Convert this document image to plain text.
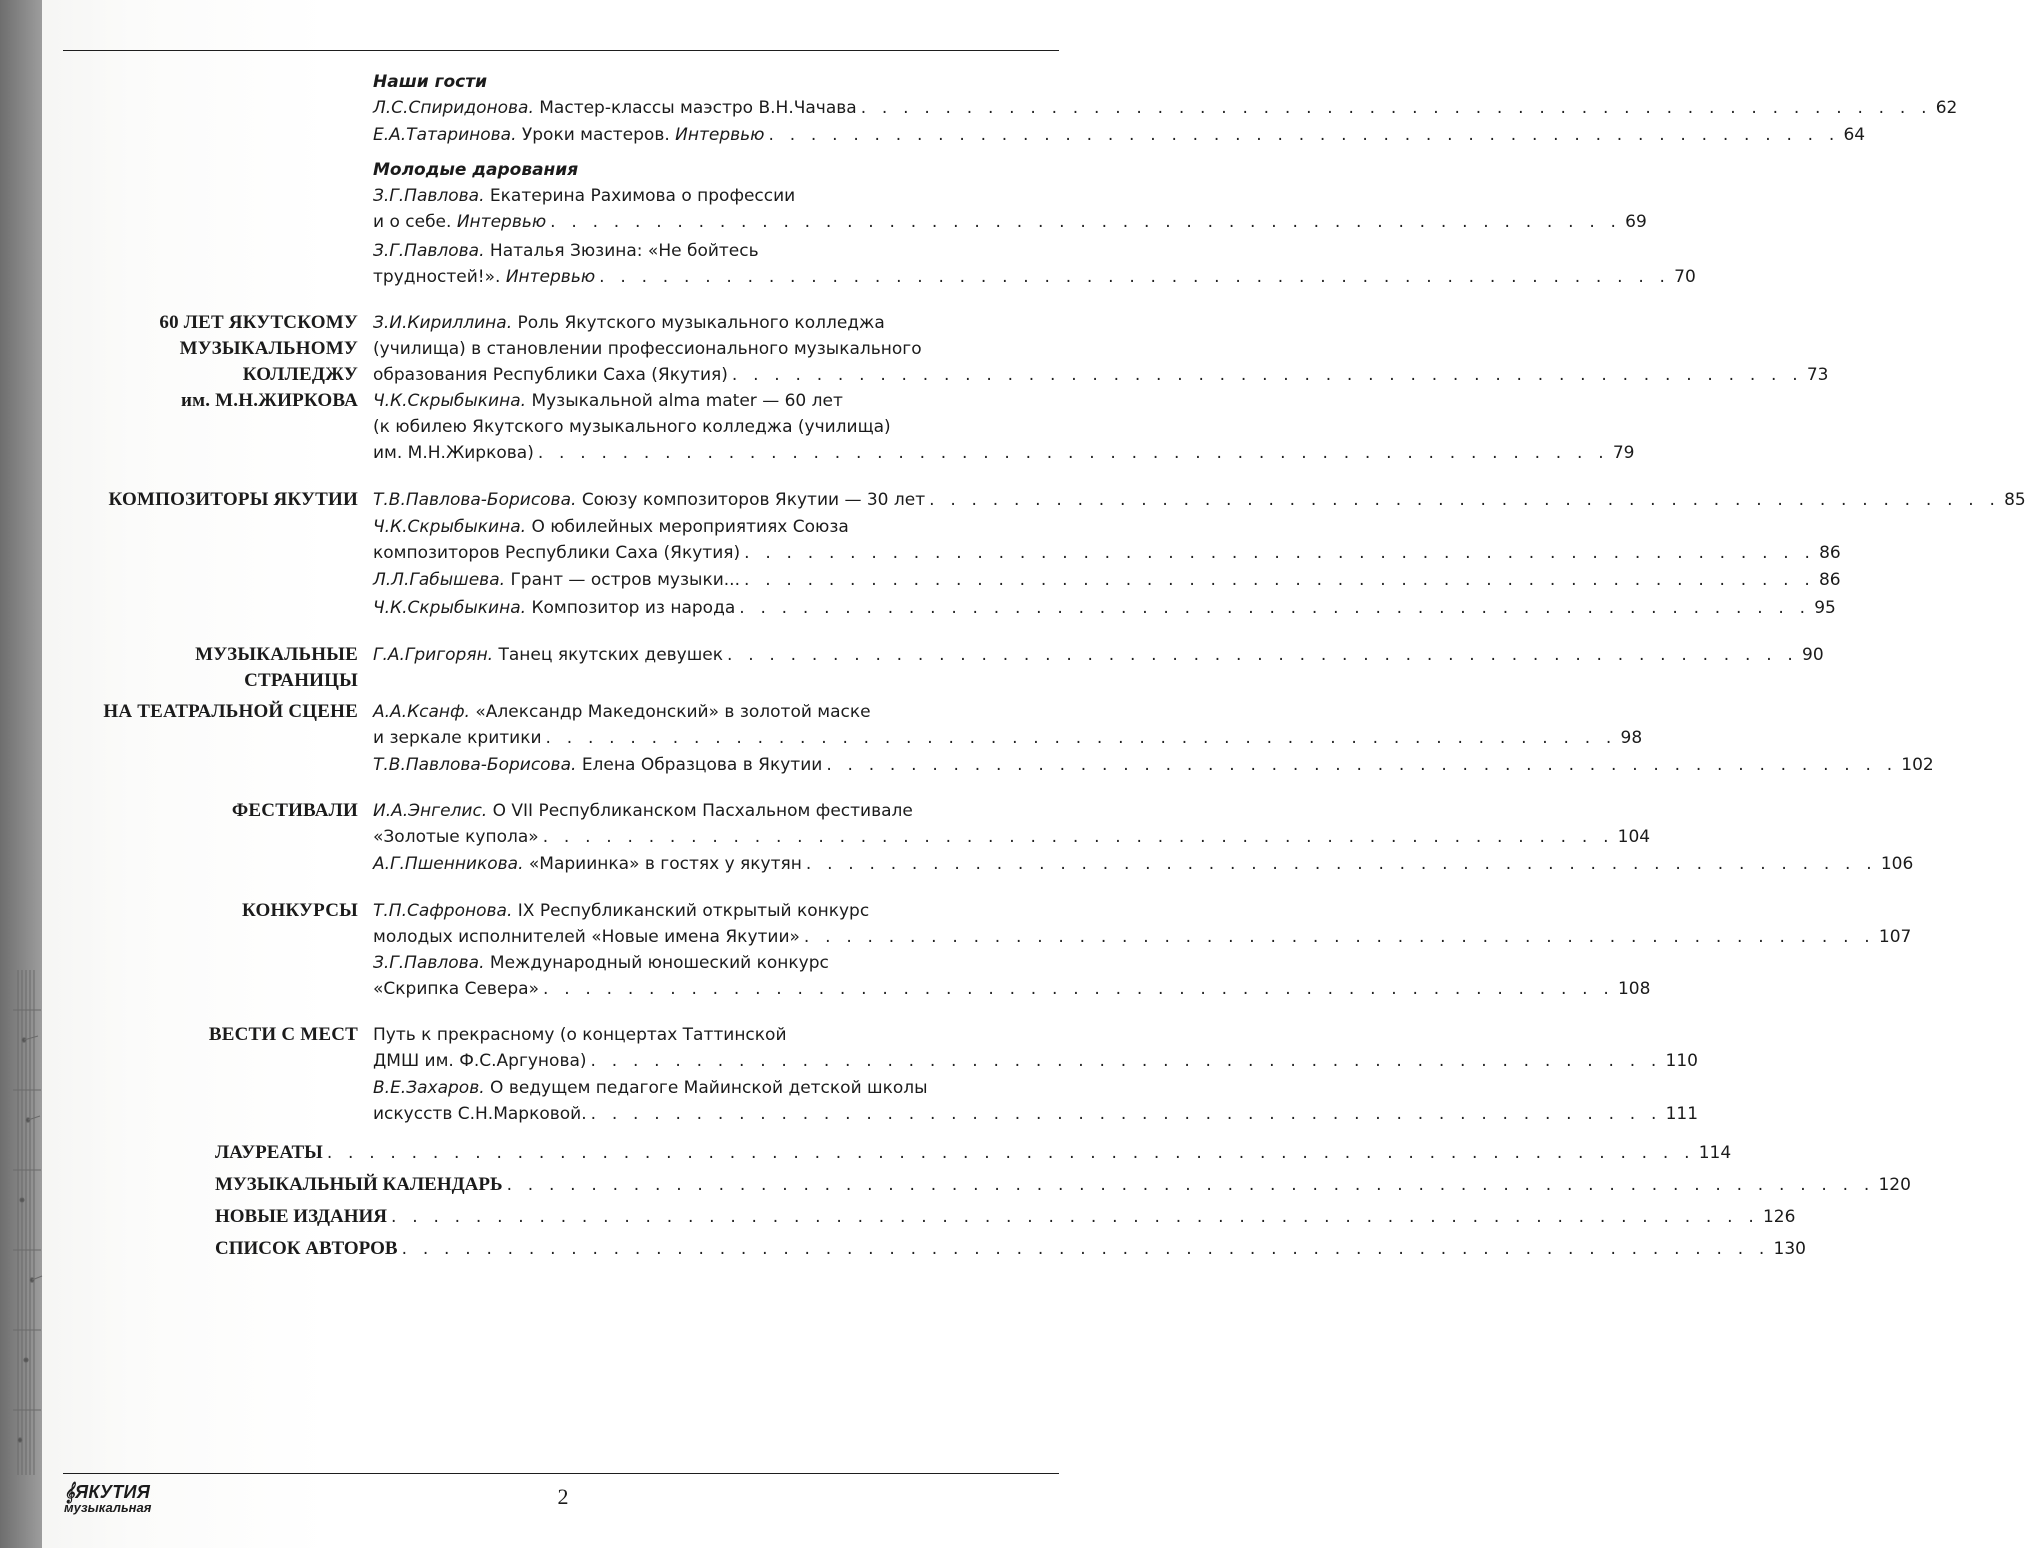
Наши гости
Л.С.Спиридонова.
Мастер-классы маэстро В.Н.Чачава . . . . . . . . . . . . . . . . . . . . . . . . . . . . . . . . . . . . . . . . . . . . . . . . . . . 62
Е.А.Татаринова.
Уроки мастеров.
Интервью . . . . . . . . . . . . . . . . . . . . . . . . . . . . . . . . . . . . . . . . . . . . . . . . . . . 64
Молодые дарования
З.Г.Павлова. Екатерина Рахимова о профессии
и о себе.
Интервью . . . . . . . . . . . . . . . . . . . . . . . . . . . . . . . . . . . . . . . . . . . . . . . . . . . 69
З.Г.Павлова. Наталья Зюзина: «Не бойтесь
трудностей!».
Интервью . . . . . . . . . . . . . . . . . . . . . . . . . . . . . . . . . . . . . . . . . . . . . . . . . . . 70
60 ЛЕТ ЯКУТСКОМУ
МУЗЫКАЛЬНОМУ
КОЛЛЕДЖУ
им. М.Н.ЖИРКОВА
З.И.Кириллина. Роль Якутского музыкального колледжа
(училища) в становлении профессионального музыкального
образования Республики Саха (Якутия) . . . . . . . . . . . . . . . . . . . . . . . . . . . . . . . . . . . . . . . . . . . . . . . . . . . 73
Ч.К.Скрыбыкина. Музыкальной alma mater — 60 лет
(к юбилею Якутского музыкального колледжа (училища)
им. М.Н.Жиркова) . . . . . . . . . . . . . . . . . . . . . . . . . . . . . . . . . . . . . . . . . . . . . . . . . . . 79
КОМПОЗИТОРЫ ЯКУТИИ Т.В.Павлова-Борисова.
Союзу композиторов Якутии — 30 лет . . . . . . . . . . . . . . . . . . . . . . . . . . . . . . . . . . . . . . . . . . . . . . . . . . . 85
Ч.К.Скрыбыкина. О юбилейных мероприятиях Союза
композиторов Республики Саха (Якутия) . . . . . . . . . . . . . . . . . . . . . . . . . . . . . . . . . . . . . . . . . . . . . . . . . . . 86
Л.Л.Габышева.
Грант — остров музыки... . . . . . . . . . . . . . . . . . . . . . . . . . . . . . . . . . . . . . . . . . . . . . . . . . . . 86
Ч.К.Скрыбыкина.
Композитор из народа . . . . . . . . . . . . . . . . . . . . . . . . . . . . . . . . . . . . . . . . . . . . . . . . . . . 95
МУЗЫКАЛЬНЫЕ
СТРАНИЦЫ
Г.А.Григорян.
Танец якутских девушек . . . . . . . . . . . . . . . . . . . . . . . . . . . . . . . . . . . . . . . . . . . . . . . . . . . 90
НА ТЕАТРАЛЬНОЙ СЦЕНЕ А.А.Ксанф. «Александр Македонский» в золотой маске
и зеркале критики . . . . . . . . . . . . . . . . . . . . . . . . . . . . . . . . . . . . . . . . . . . . . . . . . . . 98
Т.В.Павлова-Борисова.
Елена Образцова в Якутии . . . . . . . . . . . . . . . . . . . . . . . . . . . . . . . . . . . . . . . . . . . . . . . . . . . 102
ФЕСТИВАЛИ И.А.Энгелис. О VII Республиканском Пасхальном фестивале
«Золотые купола» . . . . . . . . . . . . . . . . . . . . . . . . . . . . . . . . . . . . . . . . . . . . . . . . . . . 104
А.Г.Пшенникова.
«Мариинка» в гостях у якутян . . . . . . . . . . . . . . . . . . . . . . . . . . . . . . . . . . . . . . . . . . . . . . . . . . . 106
КОНКУРСЫ Т.П.Сафронова. IX Республиканский открытый конкурс
молодых исполнителей «Новые имена Якутии» . . . . . . . . . . . . . . . . . . . . . . . . . . . . . . . . . . . . . . . . . . . . . . . . . . . 107
З.Г.Павлова. Международный юношеский конкурс
«Скрипка Севера» . . . . . . . . . . . . . . . . . . . . . . . . . . . . . . . . . . . . . . . . . . . . . . . . . . . 108
ВЕСТИ С МЕСТ Путь к прекрасному (о концертах Таттинской
ДМШ им. Ф.С.Аргунова) . . . . . . . . . . . . . . . . . . . . . . . . . . . . . . . . . . . . . . . . . . . . . . . . . . . 110
В.Е.Захаров. О ведущем педагоге Майинской детской школы
искусств С.Н.Марковой. . . . . . . . . . . . . . . . . . . . . . . . . . . . . . . . . . . . . . . . . . . . . . . . . . . . 111
ЛАУРЕАТЫ . . . . . . . . . . . . . . . . . . . . . . . . . . . . . . . . . . . . . . . . . . . . . . . . . . . . . . . . . . . . . . . . . 114
МУЗЫКАЛЬНЫЙ КАЛЕНДАРЬ . . . . . . . . . . . . . . . . . . . . . . . . . . . . . . . . . . . . . . . . . . . . . . . . . . . . . . . . . . . . . . . . . 120
НОВЫЕ ИЗДАНИЯ . . . . . . . . . . . . . . . . . . . . . . . . . . . . . . . . . . . . . . . . . . . . . . . . . . . . . . . . . . . . . . . . . 126
СПИСОК АВТОРОВ . . . . . . . . . . . . . . . . . . . . . . . . . . . . . . . . . . . . . . . . . . . . . . . . . . . . . . . . . . . . . . . . . 130
𝄞ЯКУТИЯ
музыкальная	2
